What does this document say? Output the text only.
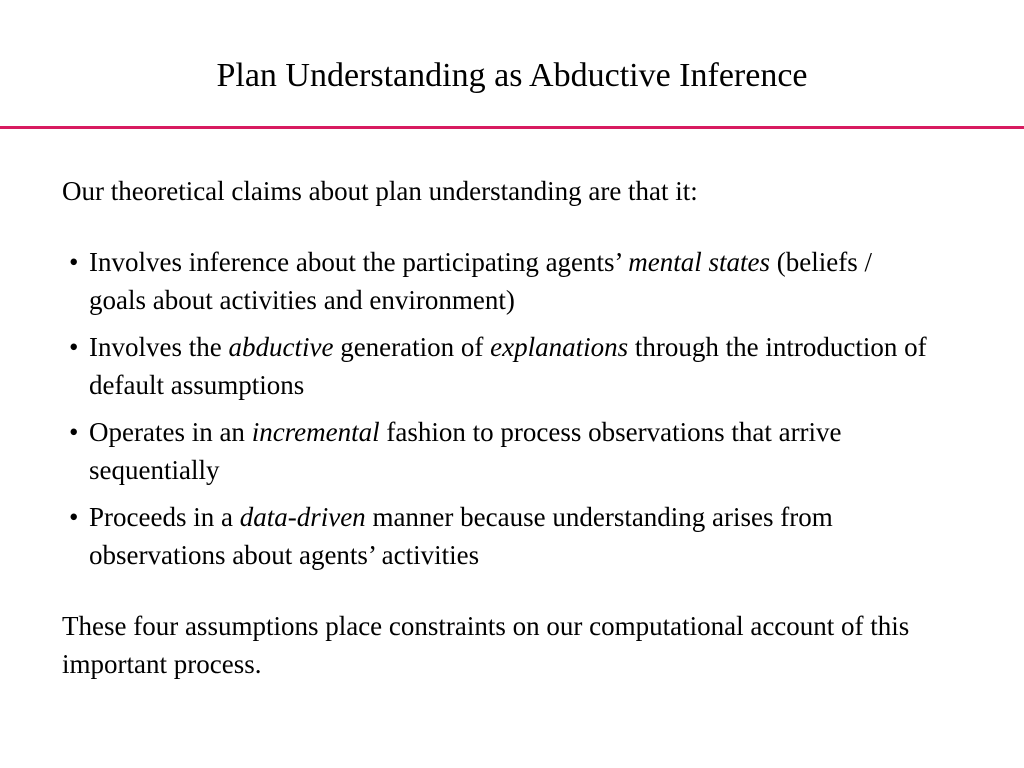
Plan Understanding as Abductive Inference

Our theoretical claims about plan understanding are that it:

• Involves inference about the participating agents’ mental states (beliefs / goals about activities and environment)
• Involves the abductive generation of explanations through the introduction of default assumptions
• Operates in an incremental fashion to process observations that arrive sequentially
• Proceeds in a data-driven manner because understanding arises from observations about agents’ activities

These four assumptions place constraints on our computational account of this important process.
